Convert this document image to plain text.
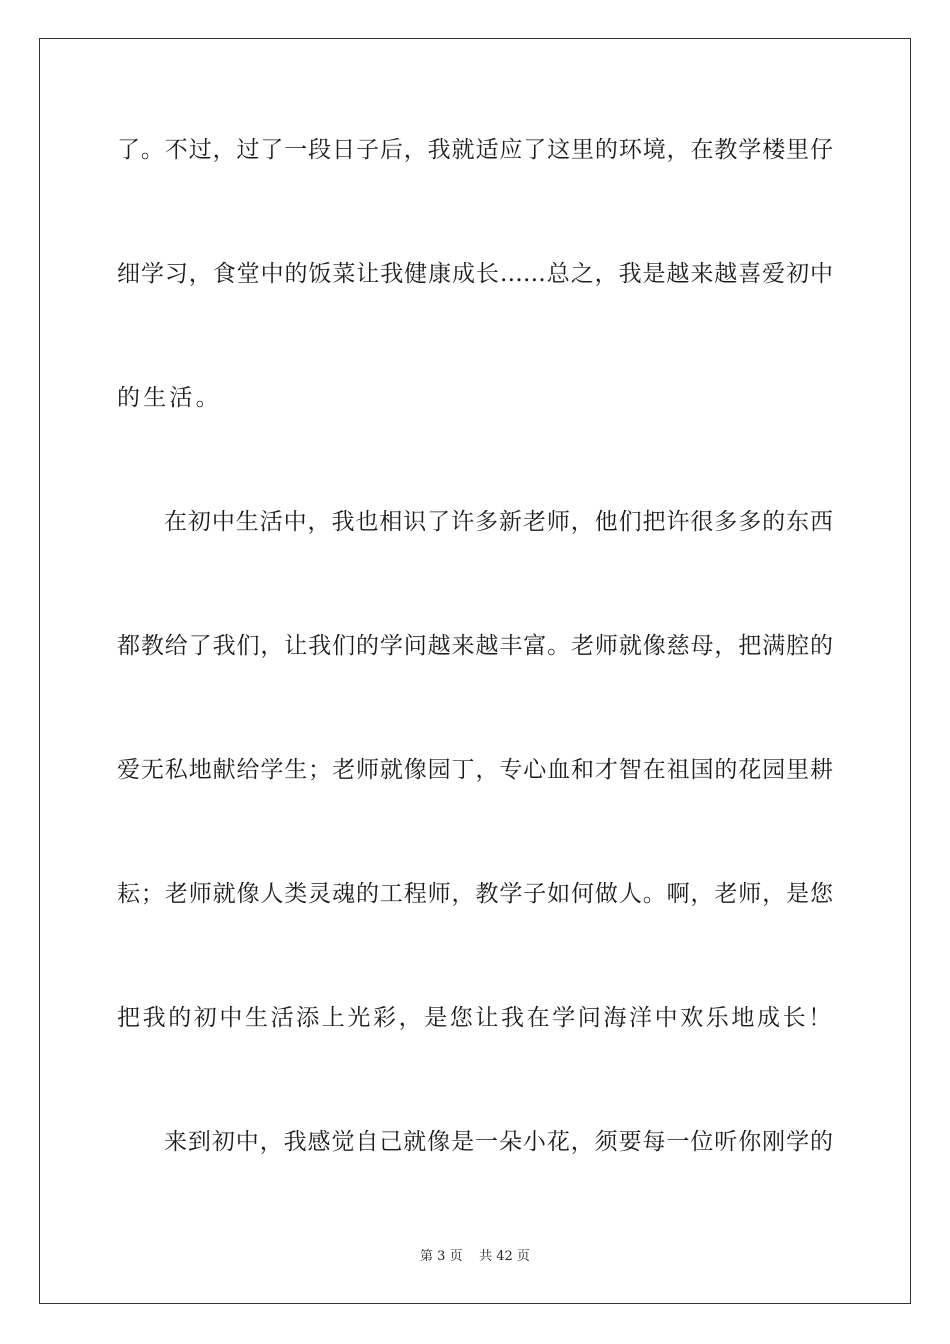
了。不过，过了一段日子后，我就适应了这里的环境，在教学楼里仔
细学习，食堂中的饭菜让我健康成长……总之，我是越来越喜爱初中
的生活。
在初中生活中，我也相识了许多新老师，他们把许很多多的东西
都教给了我们，让我们的学问越来越丰富。老师就像慈母，把满腔的
爱无私地献给学生；老师就像园丁，专心血和才智在祖国的花园里耕
耘；老师就像人类灵魂的工程师，教学子如何做人。啊，老师，是您
把我的初中生活添上光彩，是您让我在学问海洋中欢乐地成长！
来到初中，我感觉自己就像是一朵小花，须要每一位听你刚学的
第 3 页 共 42 页
